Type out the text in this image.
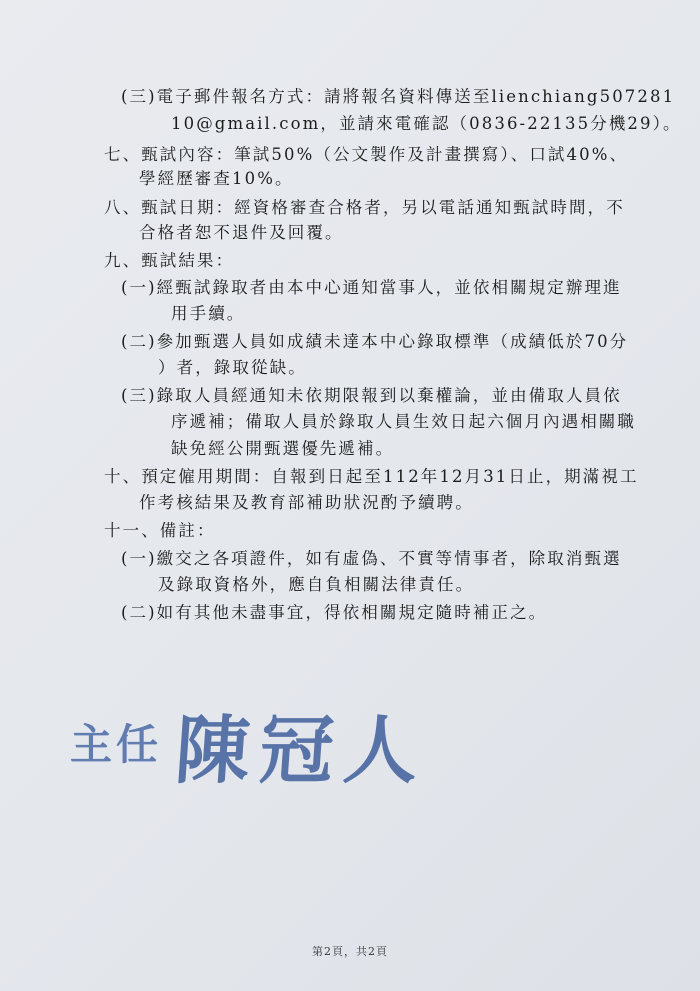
(三)電子郵件報名方式：請將報名資料傳送至lienchiang507281
10@gmail.com，並請來電確認（0836-22135分機29）。
七、甄試內容：筆試50%（公文製作及計畫撰寫）、口試40%、
學經歷審查10%。
八、甄試日期：經資格審查合格者，另以電話通知甄試時間，不
合格者恕不退件及回覆。
九、甄試結果：
(一)經甄試錄取者由本中心通知當事人，並依相關規定辦理進
用手續。
(二)參加甄選人員如成績未達本中心錄取標準（成績低於70分
）者，錄取從缺。
(三)錄取人員經通知未依期限報到以棄權論，並由備取人員依
序遞補；備取人員於錄取人員生效日起六個月內遇相關職
缺免經公開甄選優先遞補。
十、預定僱用期間：自報到日起至112年12月31日止，期滿視工
作考核結果及教育部補助狀況酌予續聘。
十一、備註：
(一)繳交之各項證件，如有虛偽、不實等情事者，除取消甄選
及錄取資格外，應自負相關法律責任。
(二)如有其他未盡事宜，得依相關規定隨時補正之。
主任 陳冠人
第2頁，共2頁
